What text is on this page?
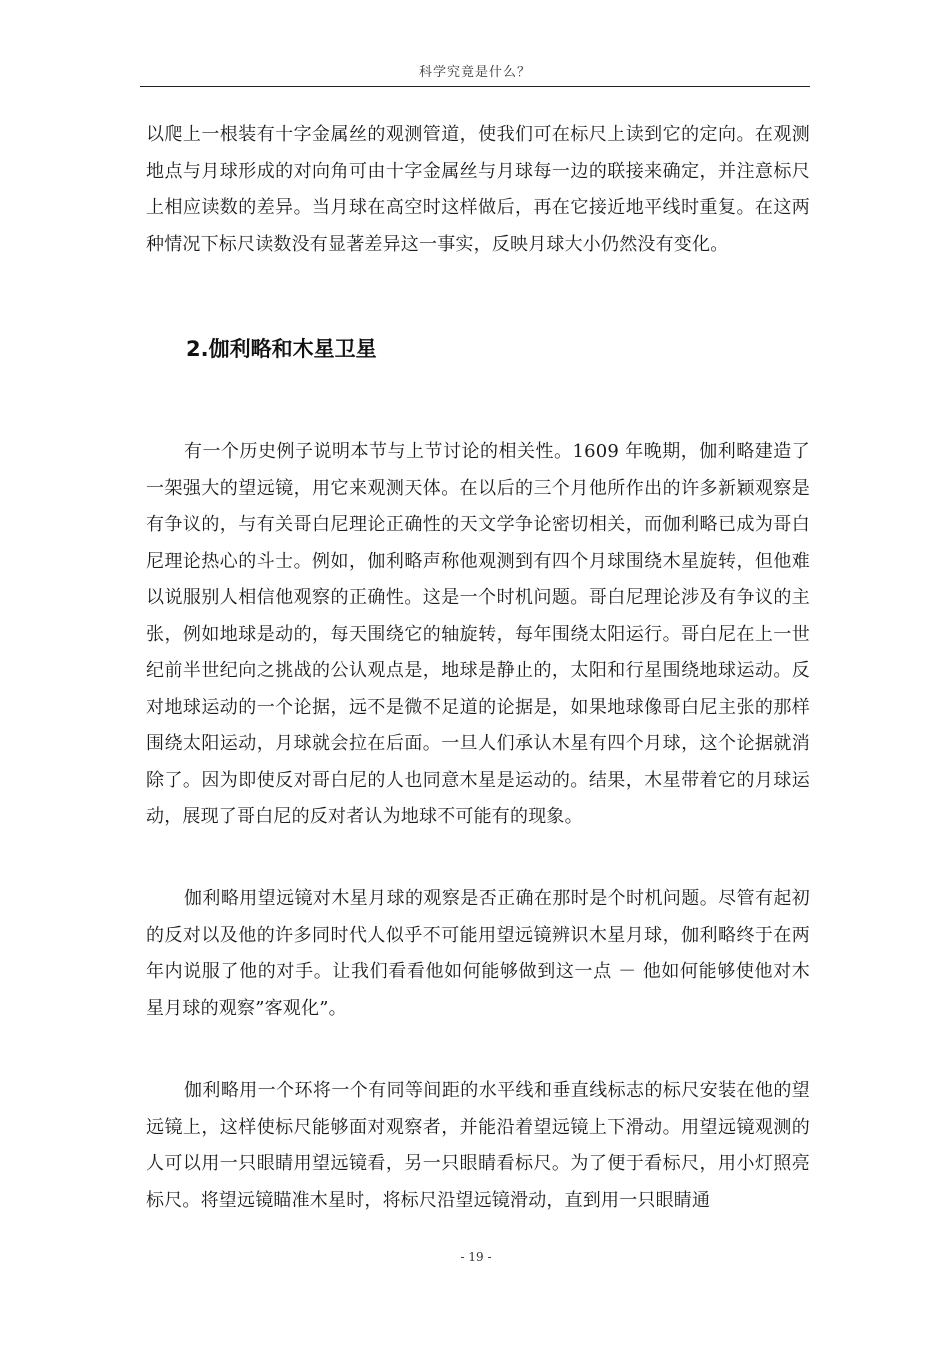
科学究竟是什么？

以爬上一根装有十字金属丝的观测管道，使我们可在标尺上读到它的定向。在观测地点与月球形成的对向角可由十字金属丝与月球每一边的联接来确定，并注意标尺上相应读数的差异。当月球在高空时这样做后，再在它接近地平线时重复。在这两种情况下标尺读数没有显著差异这一事实，反映月球大小仍然没有变化。

2.伽利略和木星卫星

有一个历史例子说明本节与上节讨论的相关性。1609 年晚期，伽利略建造了一架强大的望远镜，用它来观测天体。在以后的三个月他所作出的许多新颖观察是有争议的，与有关哥白尼理论正确性的天文学争论密切相关，而伽利略已成为哥白尼理论热心的斗士。例如，伽利略声称他观测到有四个月球围绕木星旋转，但他难以说服别人相信他观察的正确性。这是一个时机问题。哥白尼理论涉及有争议的主张，例如地球是动的，每天围绕它的轴旋转，每年围绕太阳运行。哥白尼在上一世纪前半世纪向之挑战的公认观点是，地球是静止的，太阳和行星围绕地球运动。反对地球运动的一个论据，远不是微不足道的论据是，如果地球像哥白尼主张的那样围绕太阳运动，月球就会拉在后面。一旦人们承认木星有四个月球，这个论据就消除了。因为即使反对哥白尼的人也同意木星是运动的。结果，木星带着它的月球运动，展现了哥白尼的反对者认为地球不可能有的现象。

伽利略用望远镜对木星月球的观察是否正确在那时是个时机问题。尽管有起初的反对以及他的许多同时代人似乎不可能用望远镜辨识木星月球，伽利略终于在两年内说服了他的对手。让我们看看他如何能够做到这一点 － 他如何能够使他对木星月球的观察”客观化”。

伽利略用一个环将一个有同等间距的水平线和垂直线标志的标尺安装在他的望远镜上，这样使标尺能够面对观察者，并能沿着望远镜上下滑动。用望远镜观测的人可以用一只眼睛用望远镜看，另一只眼睛看标尺。为了便于看标尺，用小灯照亮标尺。将望远镜瞄准木星时，将标尺沿望远镜滑动，直到用一只眼睛通

- 19 -
